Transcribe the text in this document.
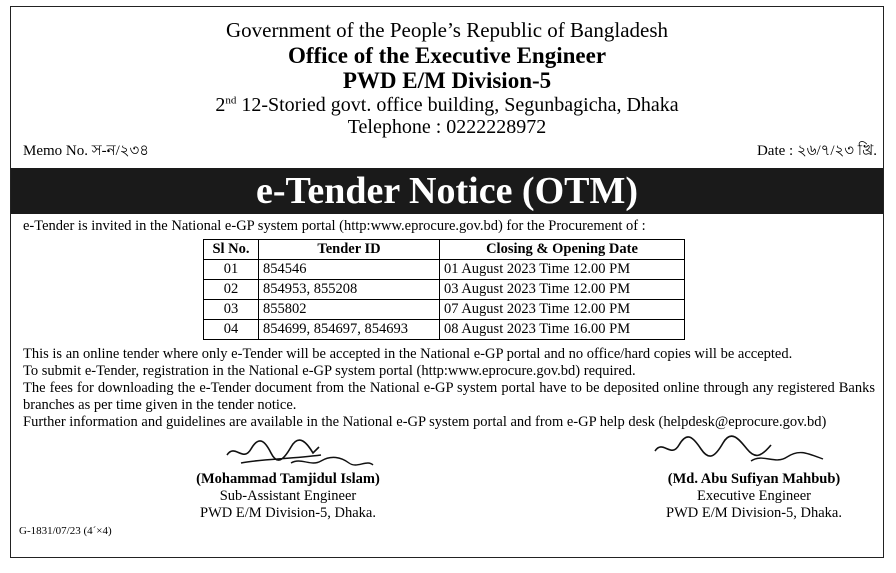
Government of the People’s Republic of Bangladesh
Office of the Executive Engineer
PWD E/M Division-5
2nd 12-Storied govt. office building, Segunbagicha, Dhaka
Telephone : 0222228972
Memo No. স-ন/২৩৪	Date : ২৬/৭/২৩ খ্রি.
e-Tender Notice (OTM)
e-Tender is invited in the National e-GP system portal (http:www.eprocure.gov.bd) for the Procurement of :
Sl No.	Tender ID	Closing & Opening Date
01	854546	01 August 2023 Time 12.00 PM
02	854953, 855208	03 August 2023 Time 12.00 PM
03	855802	07 August 2023 Time 12.00 PM
04	854699, 854697, 854693	08 August 2023 Time 16.00 PM

This is an online tender where only e-Tender will be accepted in the National e-GP portal and no office/hard copies will be accepted.

To submit e-Tender, registration in the National e-GP system portal (http:www.eprocure.gov.bd) required.

The fees for downloading the e-Tender document from the National e-GP system portal have to be deposited online through any registered Banks branches as per time given in the tender notice.

Further information and guidelines are available in the National e-GP system portal and from e-GP help desk (helpdesk@eprocure.gov.bd)

(Mohammad Tamjidul Islam)
Sub-Assistant Engineer
PWD E/M Division-5, Dhaka.
(Md. Abu Sufiyan Mahbub)
Executive Engineer
PWD E/M Division-5, Dhaka.
G-1831/07/23 (4´×4)
